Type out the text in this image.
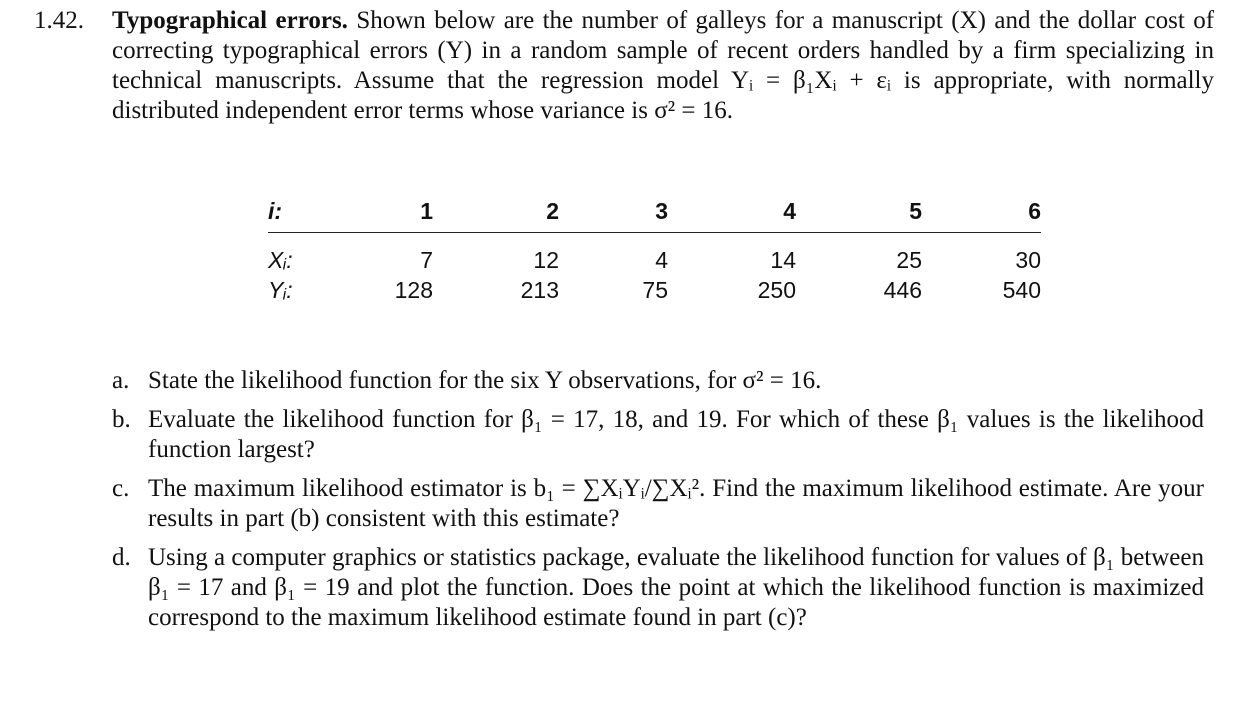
1.42. Typographical errors. Shown below are the number of galleys for a manuscript (X) and the dollar cost of correcting typographical errors (Y) in a random sample of recent orders handled by a firm specializing in technical manuscripts. Assume that the regression model Yᵢ = β₁Xᵢ + εᵢ is appropriate, with normally distributed independent error terms whose variance is σ² = 16.
i:	1	2	3	4	5	6
Xᵢ:	7	12	4	14	25	30
Yᵢ:	128	213	75	250	446	540
a. State the likelihood function for the six Y observations, for σ² = 16.
b. Evaluate the likelihood function for β₁ = 17, 18, and 19. For which of these β₁ values is the likelihood function largest?
c. The maximum likelihood estimator is b₁ = ∑XᵢYᵢ/∑Xᵢ². Find the maximum likelihood estimate. Are your results in part (b) consistent with this estimate?
d. Using a computer graphics or statistics package, evaluate the likelihood function for values of β₁ between β₁ = 17 and β₁ = 19 and plot the function. Does the point at which the likelihood function is maximized correspond to the maximum likelihood estimate found in part (c)?
